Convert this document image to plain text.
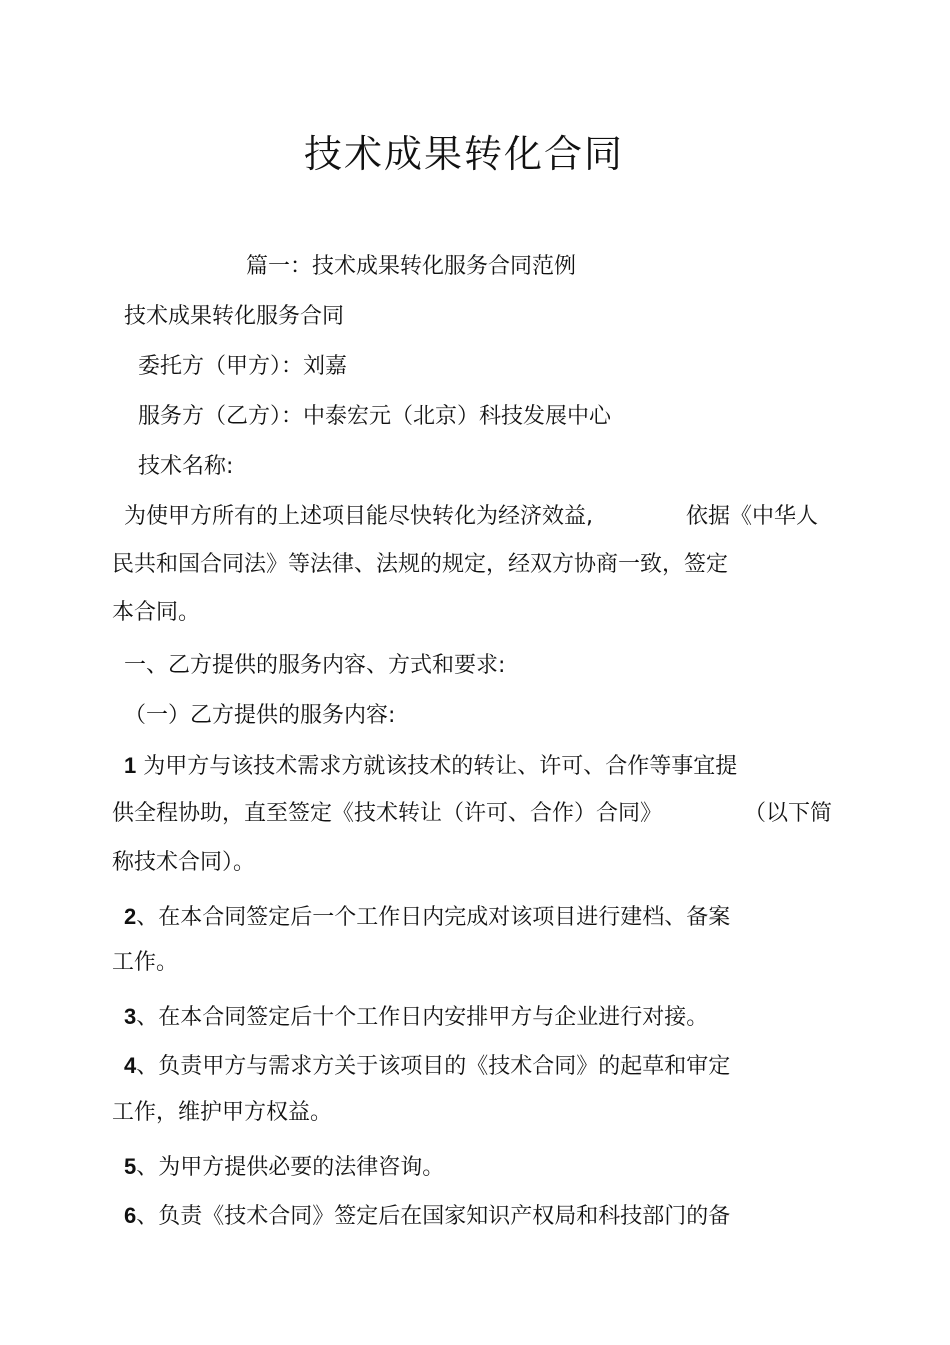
技术成果转化合同
篇一：技术成果转化服务合同范例
技术成果转化服务合同
委托方（甲方）：刘嘉
服务方（乙方）：中泰宏元（北京）科技发展中心
技术名称:
为使甲方所有的上述项目能尽快转化为经济效益,	依据《中华人
民共和国合同法》等法律、法规的规定，经双方协商一致，签定
本合同。
一、乙方提供的服务内容、方式和要求:
（一）乙方提供的服务内容:
1 为甲方与该技术需求方就该技术的转让、许可、合作等事宜提
供全程协助，直至签定《技术转让（许可、合作）合同》	（以下简
称技术合同）。
2、在本合同签定后一个工作日内完成对该项目进行建档、备案
工作。
3、在本合同签定后十个工作日内安排甲方与企业进行对接。
4、负责甲方与需求方关于该项目的《技术合同》的起草和审定
工作，维护甲方权益。
5、为甲方提供必要的法律咨询。
6、负责《技术合同》签定后在国家知识产权局和科技部门的备
